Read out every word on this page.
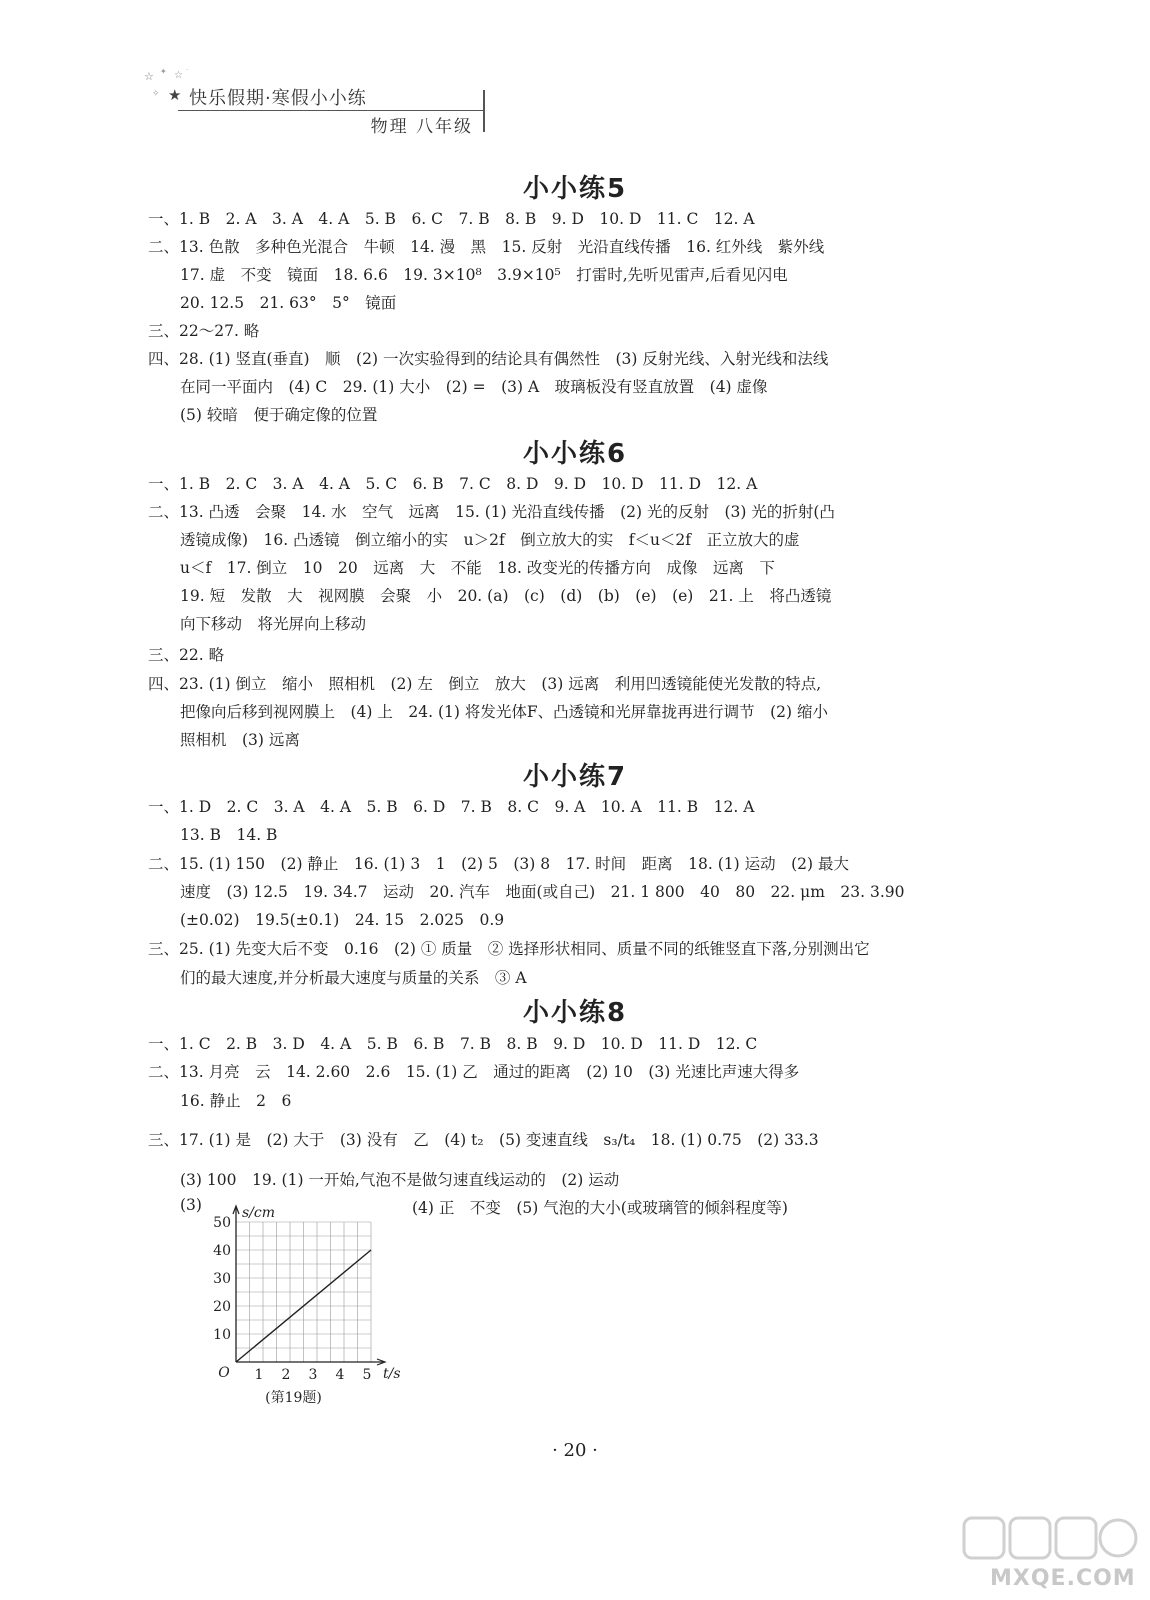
☆ ✦ ☆
✧ ★
·
快乐假期·寒假小小练
物理 八年级
小小练5
一、1. B　2. A　3. A　4. A　5. B　6. C　7. B　8. B　9. D　10. D　11. C　12. A
二、13. 色散　多种色光混合　牛顿　14. 漫　黑　15. 反射　光沿直线传播　16. 红外线　紫外线
17. 虚　不变　镜面　18. 6.6　19. 3×10⁸　3.9×10⁵　打雷时,先听见雷声,后看见闪电
20. 12.5　21. 63°　5°　镜面
三、22～27. 略
四、28. (1) 竖直(垂直)　顺　(2) 一次实验得到的结论具有偶然性　(3) 反射光线、入射光线和法线
在同一平面内　(4) C　29. (1) 大小　(2) =　(3) A　玻璃板没有竖直放置　(4) 虚像
(5) 较暗　便于确定像的位置
小小练6
一、1. B　2. C　3. A　4. A　5. C　6. B　7. C　8. D　9. D　10. D　11. D　12. A
二、13. 凸透　会聚　14. 水　空气　远离　15. (1) 光沿直线传播　(2) 光的反射　(3) 光的折射(凸
透镜成像)　16. 凸透镜　倒立缩小的实　u＞2f　倒立放大的实　f＜u＜2f　正立放大的虚
u＜f　17. 倒立　10　20　远离　大　不能　18. 改变光的传播方向　成像　远离　下
19. 短　发散　大　视网膜　会聚　小　20. (a)　(c)　(d)　(b)　(e)　(e)　21. 上　将凸透镜
向下移动　将光屏向上移动
三、22. 略
四、23. (1) 倒立　缩小　照相机　(2) 左　倒立　放大　(3) 远离　利用凹透镜能使光发散的特点,
把像向后移到视网膜上　(4) 上　24. (1) 将发光体F、凸透镜和光屏靠拢再进行调节　(2) 缩小
照相机　(3) 远离
小小练7
一、1. D　2. C　3. A　4. A　5. B　6. D　7. B　8. C　9. A　10. A　11. B　12. A
13. B　14. B
二、15. (1) 150　(2) 静止　16. (1) 3　1　(2) 5　(3) 8　17. 时间　距离　18. (1) 运动　(2) 最大
速度　(3) 12.5　19. 34.7　运动　20. 汽车　地面(或自己)　21. 1 800　40　80　22. μm　23. 3.90
(±0.02)　19.5(±0.1)　24. 15　2.025　0.9
三、25. (1) 先变大后不变　0.16　(2) ① 质量　② 选择形状相同、质量不同的纸锥竖直下落,分别测出它
们的最大速度,并分析最大速度与质量的关系　③ A
小小练8
一、1. C　2. B　3. D　4. A　5. B　6. B　7. B　8. B　9. D　10. D　11. D　12. C
二、13. 月亮　云　14. 2.60　2.6　15. (1) 乙　通过的距离　(2) 10　(3) 光速比声速大得多
16. 静止　2　6
三、17. (1) 是　(2) 大于　(3) 没有　乙　(4) t₂　(5) 变速直线　s₃/t₄　18. (1) 0.75　(2) 33.3
(3) 100　19. (1) 一开始,气泡不是做匀速直线运动的　(2) 运动
(3)	(4) 正　不变　(5) 气泡的大小(或玻璃管的倾斜程度等)
10
20
30
40
50
1 2 3 4 5
O
s/cm
t/s
(第19题)
· 20 ·
MXQE.COM
